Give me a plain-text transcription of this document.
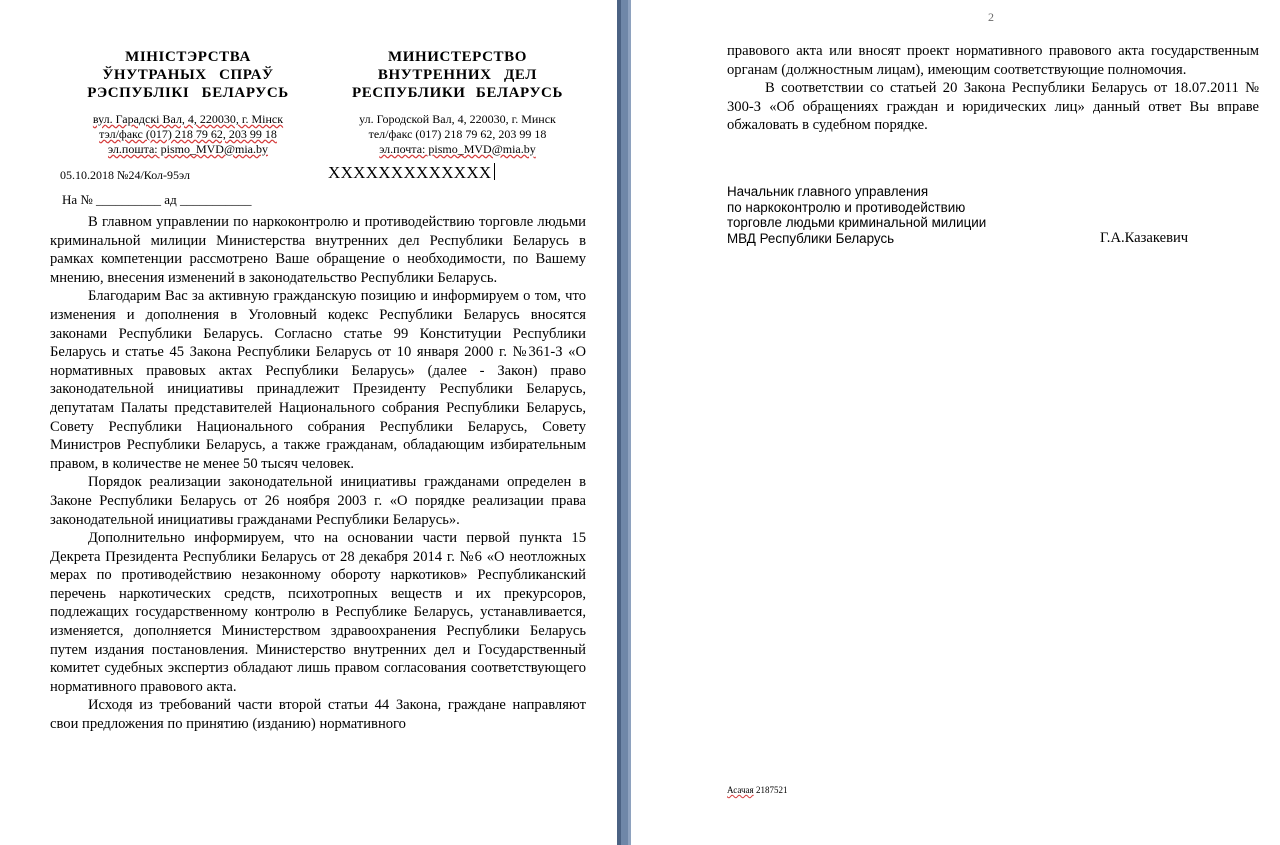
МІНІСТЭРСТВА
ЎНУТРАНЫХ СПРАЎ
РЭСПУБЛІКІ БЕЛАРУСЬ
вул. Гарадскі Вал, 4, 220030, г. Мінск
тэл/факс (017) 218 79 62, 203 99 18
эл.пошта: pismo_MVD@mia.by
МИНИСТЕРСТВО
ВНУТРЕННИХ ДЕЛ
РЕСПУБЛИКИ БЕЛАРУСЬ
ул. Городской Вал, 4, 220030, г. Минск
тел/факс (017) 218 79 62, 203 99 18
эл.почта: pismo_MVD@mia.by
05.10.2018 №24/Кол-95эл	XXXXXXXXXXXXX
На № __________ ад ___________

В главном управлении по наркоконтролю и противодействию торговле людьми криминальной милиции Министерства внутренних дел Республики Беларусь в рамках компетенции рассмотрено Ваше обращение о необходимости, по Вашему мнению, внесения изменений в законодательство Республики Беларусь.

Благодарим Вас за активную гражданскую позицию и информируем о том, что изменения и дополнения в Уголовный кодекс Республики Беларусь вносятся законами Республики Беларусь. Согласно статье 99 Конституции Республики Беларусь и статье 45 Закона Республики Беларусь от 10 января 2000 г. №361-З «О нормативных правовых актах Республики Беларусь» (далее - Закон) право законодательной инициативы принадлежит Президенту Республики Беларусь, депутатам Палаты представителей Национального собрания Республики Беларусь, Совету Республики Национального собрания Республики Беларусь, Совету Министров Республики Беларусь, а также гражданам, обладающим избирательным правом, в количестве не менее 50 тысяч человек.

Порядок реализации законодательной инициативы гражданами определен в Законе Республики Беларусь от 26 ноября 2003 г. «О порядке реализации права законодательной инициативы гражданами Республики Беларусь».

Дополнительно информируем, что на основании части первой пункта 15 Декрета Президента Республики Беларусь от 28 декабря 2014 г. №6 «О неотложных мерах по противодействию незаконному обороту наркотиков» Республиканский перечень наркотических средств, психотропных веществ и их прекурсоров, подлежащих государственному контролю в Республике Беларусь, устанавливается, изменяется, дополняется Министерством здравоохранения Республики Беларусь путем издания постановления. Министерство внутренних дел и Государственный комитет судебных экспертиз обладают лишь правом согласования соответствующего нормативного правового акта.

Исходя из требований части второй статьи 44 Закона, граждане направляют свои предложения по принятию (изданию) нормативного

2

правового акта или вносят проект нормативного правового акта государственным органам (должностным лицам), имеющим соответствующие полномочия.

В соответствии со статьей 20 Закона Республики Беларусь от 18.07.2011 № 300-З «Об обращениях граждан и юридических лиц» данный ответ Вы вправе обжаловать в судебном порядке.

Начальник главного управления
по наркоконтролю и противодействию
торговле людьми криминальной милиции
МВД Республики Беларусь	Г.А.Казакевич
Асачая 2187521
